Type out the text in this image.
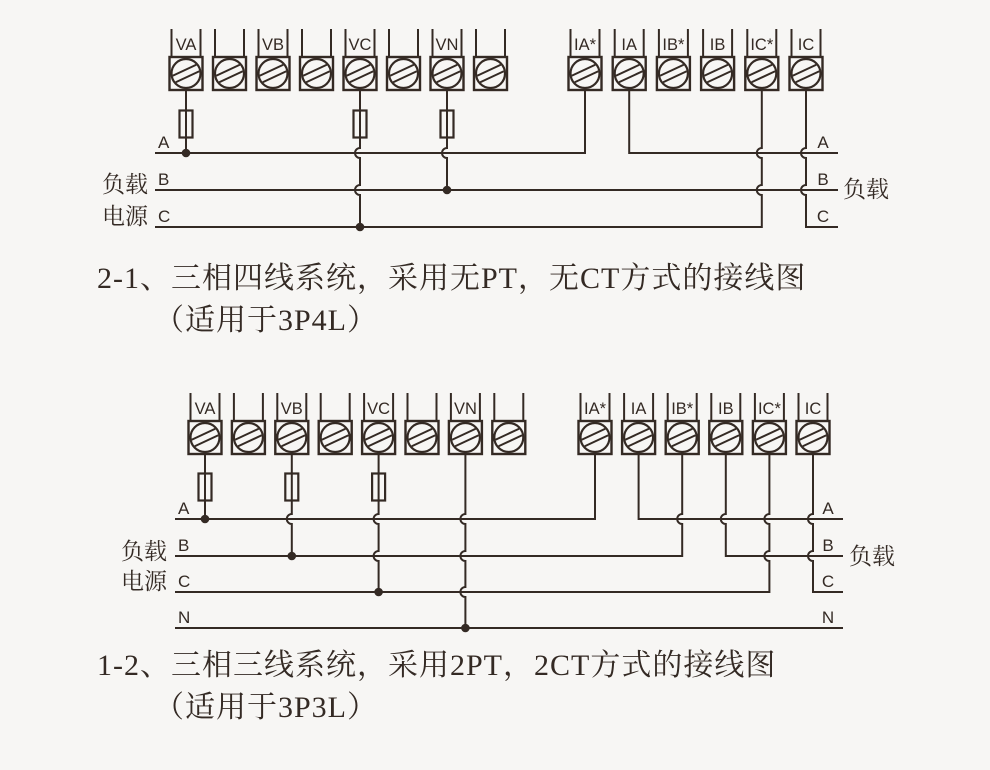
VA	VB	VC	VN	IA* IA IB* IB IC* IC
A	A
B	B
C	C
负载
电源
负载
VA	VB	VC	VN	IA* IA IB* IB IC* IC
A	A
B	B
C	C
N	N
负载
电源
负载
2-1、三相四线系统，采用无PT，无CT方式的接线图
（适用于3P4L）
1-2、三相三线系统，采用2PT，2CT方式的接线图
（适用于3P3L）
